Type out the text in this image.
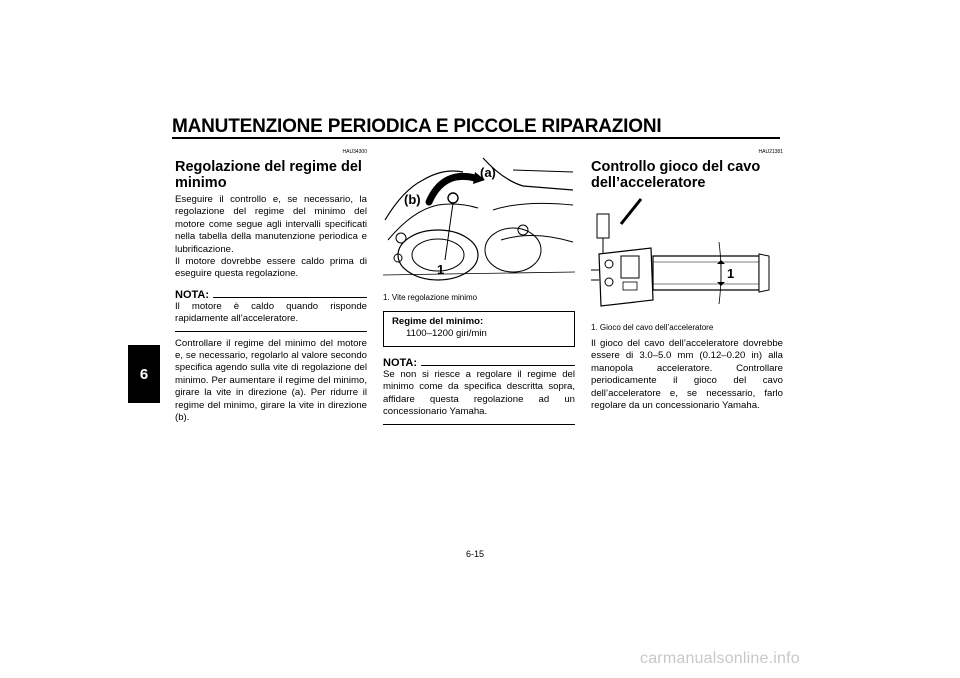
MANUTENZIONE PERIODICA E PICCOLE RIPARAZIONI
6
HAU34300
Regolazione del regime del minimo
Eseguire il controllo e, se necessario, la regolazione del regime del minimo del motore come segue agli intervalli specificati nella tabella della manutenzione periodica e lubrificazione.
Il motore dovrebbe essere caldo prima di eseguire questa regolazione.
NOTA:
Il motore è caldo quando risponde rapidamente all’acceleratore.
Controllare il regime del minimo del motore e, se necessario, regolarlo al valore secondo specifica agendo sulla vite di regolazione del minimo. Per aumentare il regime del minimo, girare la vite in direzione (a). Per ridurre il regime del minimo, girare la vite in direzione (b).
(a)
(b)
1
1. Vite regolazione minimo
Regime del minimo:
1100–1200 giri/min
NOTA:
Se non si riesce a regolare il regime del minimo come da specifica descritta sopra, affidare questa regolazione ad un concessionario Yamaha.
HAU21381
Controllo gioco del cavo dell’acceleratore
1
1. Gioco del cavo dell’acceleratore
Il gioco del cavo dell’acceleratore dovrebbe essere di 3.0–5.0 mm (0.12–0.20 in) alla manopola acceleratore. Controllare periodicamente il gioco del cavo dell’acceleratore e, se necessario, farlo regolare da un concessionario Yamaha.
6-15
carmanualsonline.info
